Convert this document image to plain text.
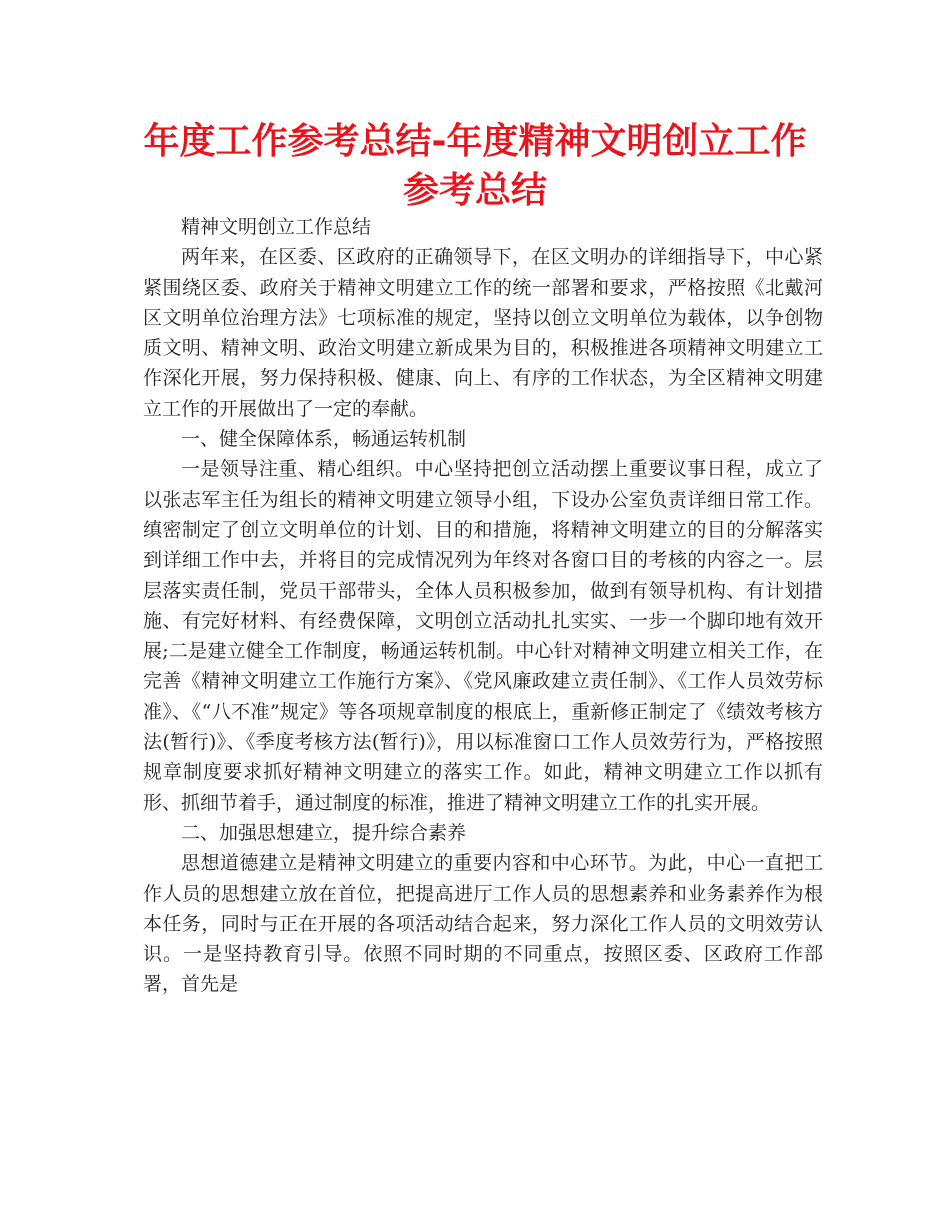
年度工作参考总结-年度精神文明创立工作参考总结

精神文明创立工作总结

两年来，在区委、区政府的正确领导下，在区文明办的详细指导下，中心紧紧围绕区委、政府关于精神文明建立工作的统一部署和要求，严格按照《北戴河区文明单位治理方法》七项标准的规定，坚持以创立文明单位为载体，以争创物质文明、精神文明、政治文明建立新成果为目的，积极推进各项精神文明建立工作深化开展，努力保持积极、健康、向上、有序的工作状态，为全区精神文明建立工作的开展做出了一定的奉献。

一、健全保障体系，畅通运转机制

一是领导注重、精心组织。中心坚持把创立活动摆上重要议事日程，成立了以张志军主任为组长的精神文明建立领导小组，下设办公室负责详细日常工作。缜密制定了创立文明单位的计划、目的和措施，将精神文明建立的目的分解落实到详细工作中去，并将目的完成情况列为年终对各窗口目的考核的内容之一。层层落实责任制，党员干部带头，全体人员积极参加，做到有领导机构、有计划措施、有完好材料、有经费保障，文明创立活动扎扎实实、一步一个脚印地有效开展;二是建立健全工作制度，畅通运转机制。中心针对精神文明建立相关工作，在完善《精神文明建立工作施行方案》、《党风廉政建立责任制》、《工作人员效劳标准》、《“八不准”规定》等各项规章制度的根底上，重新修正制定了《绩效考核方法(暂行)》、《季度考核方法(暂行)》，用以标准窗口工作人员效劳行为，严格按照规章制度要求抓好精神文明建立的落实工作。如此，精神文明建立工作以抓有形、抓细节着手，通过制度的标准，推进了精神文明建立工作的扎实开展。

二、加强思想建立，提升综合素养

思想道德建立是精神文明建立的重要内容和中心环节。为此，中心一直把工作人员的思想建立放在首位，把提高进厅工作人员的思想素养和业务素养作为根本任务，同时与正在开展的各项活动结合起来，努力深化工作人员的文明效劳认识。一是坚持教育引导。依照不同时期的不同重点，按照区委、区政府工作部署，首先是
